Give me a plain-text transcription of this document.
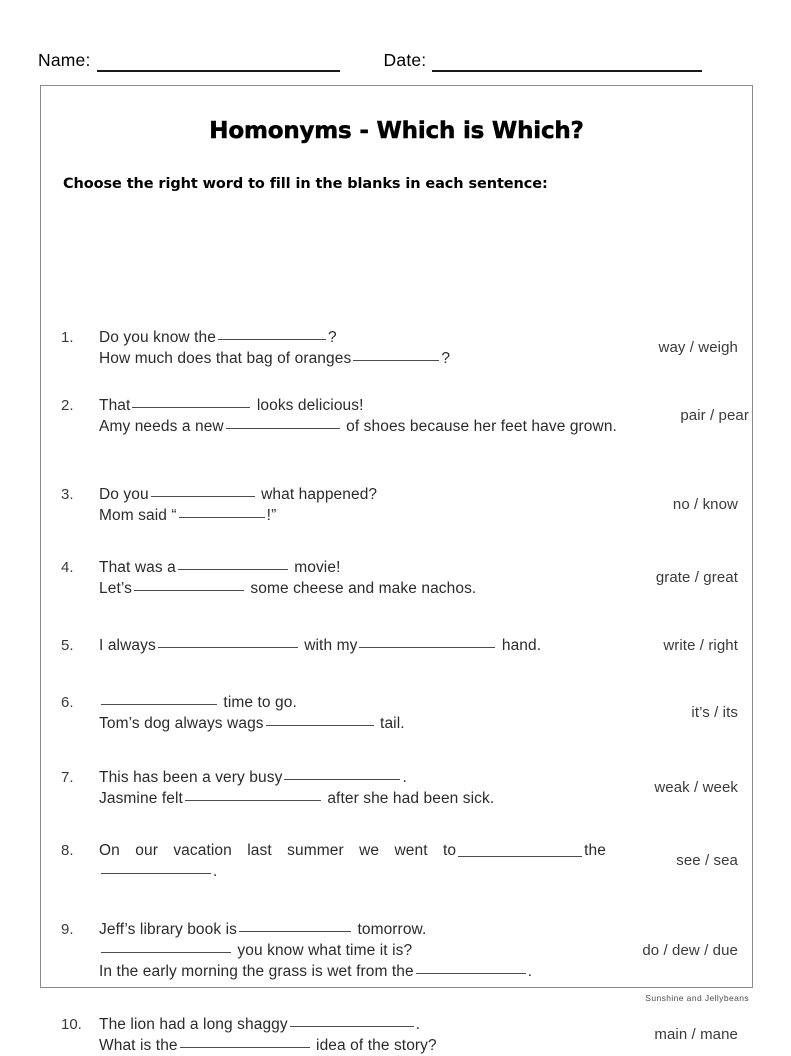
Name:	Date:
Homonyms - Which is Which?
Choose the right word to fill in the blanks in each sentence:
1.	Do you know the	?
How much does that bag of oranges	?
way / weigh
2.	That	looks delicious!
Amy needs a new	of shoes because her feet have grown.
pair / pear
3.	Do you	what happened?
Mom said “	!”
no / know
4.	That was a	movie!
Let’s	some cheese and make nachos.
grate / great
5.	I always	with my	hand.	write / right
6.	time to go.
Tom’s dog always wags	tail.
it’s / its
7.	This has been a very busy	.
Jasmine felt	after she had been sick.
weak / week
8.	On our vacation last summer we went to	the
.
see / sea
9.	Jeff’s library book is	tomorrow.
you know what time it is?
In the early morning the grass is wet from the	.
do / dew / due
10.	The lion had a long shaggy	.
What is the	idea of the story?
main / mane
Sunshine and Jellybeans
